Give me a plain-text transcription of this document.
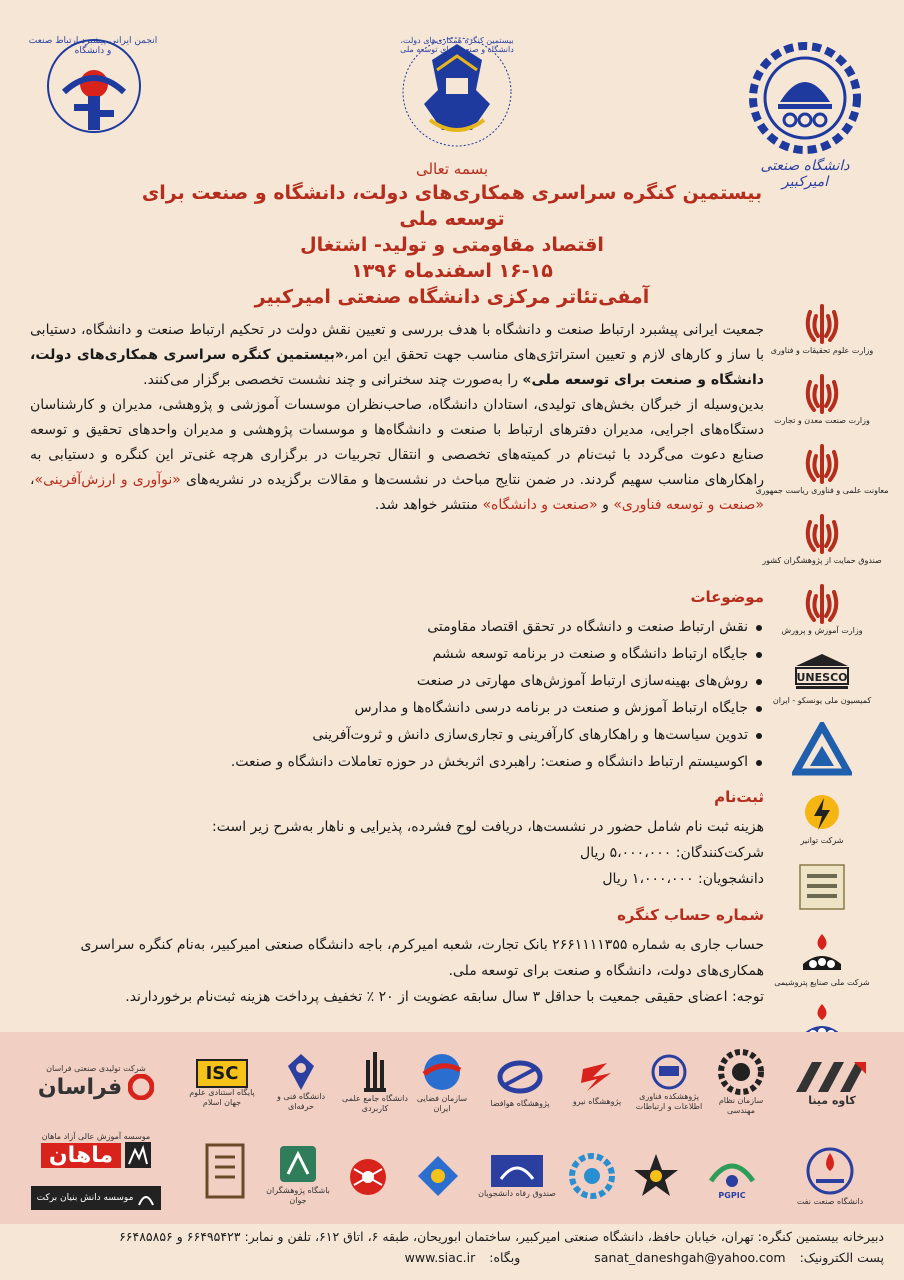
انجمن ایرانی پیشبرد ارتباط صنعت و دانشگاه
بیستمین کنگره همکاری‌های دولت، دانشگاه و صنعت برای توسعه ملی
دانشگاه صنعتی امیرکبیر
بسمه تعالی
بیستمین کنگره سراسری همکاری‌های دولت، دانشگاه و صنعت برای توسعه ملی
اقتصاد مقاومتی و تولید- اشتغال
۱۶-۱۵ اسفندماه ۱۳۹۶
آمفی‌تئاتر مرکزی دانشگاه صنعتی امیرکبیر
وزارت علوم تحقیقات و فناوری
وزارت صنعت معدن و تجارت
معاونت علمی و فناوری ریاست جمهوری
صندوق حمایت از پژوهشگران کشور
وزارت آموزش و پرورش
UNESCO
کمیسیون ملی یونسکو - ایران
شرکت توانیر
شرکت ملی صنایع پتروشیمی

جمعیت ایرانی پیشبرد ارتباط صنعت و دانشگاه با هدف بررسی و تعیین نقش دولت در تحکیم ارتباط صنعت و دانشگاه، دستیابی با ساز و کارهای لازم و تعیین استراتژی‌های مناسب جهت تحقق این امر،«بیستمین کنگره سراسری همکاری‌های دولت، دانشگاه و صنعت برای توسعه ملی» را به‌صورت چند سخنرانی و چند نشست تخصصی برگزار می‌کنند.

بدین‌وسیله از خبرگان بخش‌های تولیدی، استادان دانشگاه، صاحب‌نظران موسسات آموزشی و پژوهشی، مدیران و کارشناسان دستگاه‌های اجرایی، مدیران دفترهای ارتباط با صنعت و دانشگاه‌ها و موسسات پژوهشی و مدیران واحدهای تحقیق و توسعه صنایع دعوت می‌گردد با ثبت‌نام در کمیته‌های تخصصی و انتقال تجربیات در برگزاری هرچه غنی‌تر این کنگره و دستیابی به راهکارهای مناسب سهیم گردند. در ضمن نتایج مباحث در نشست‌ها و مقالات برگزیده در نشریه‌های «نوآوری و ارزش‌آفرینی»، «صنعت و توسعه فناوری» و «صنعت و دانشگاه» منتشر خواهد شد.

موضوعات
نقش ارتباط صنعت و دانشگاه در تحقق اقتصاد مقاومتی
جایگاه ارتباط دانشگاه و صنعت در برنامه توسعه ششم
روش‌های بهینه‌سازی ارتباط آموزش‌های مهارتی در صنعت
جایگاه ارتباط آموزش و صنعت در برنامه درسی دانشگاه‌ها و مدارس
تدوین سیاست‌ها و راهکارهای کارآفرینی و تجاری‌سازی دانش و ثروت‌آفرینی
اکوسیستم ارتباط دانشگاه و صنعت: راهبردی اثربخش در حوزه تعاملات دانشگاه و صنعت.
ثبت‌نام
هزینه ثبت نام شامل حضور در نشست‌ها، دریافت لوح فشرده، پذیرایی و ناهار به‌شرح زیر است:
شرکت‌کنندگان: ۵،۰۰۰،۰۰۰ ریال
دانشجویان: ۱،۰۰۰،۰۰۰ ریال
شماره حساب کنگره
حساب جاری به شماره ۲۶۶۱۱۱۱۳۵۵ بانک تجارت، شعبه امیرکرم، باجه دانشگاه صنعتی امیرکبیر، به‌نام کنگره سراسری همکاری‌های دولت، دانشگاه و صنعت برای توسعه ملی.
توجه: اعضای حقیقی جمعیت با حداقل ۳ سال سابقه عضویت از ۲۰ ٪ تخفیف پرداخت هزینه ثبت‌نام برخوردارند.
شرکت تولیدی صنعتی فراسان
فراسان
ISC
پایگاه استنادی علوم جهان اسلام
دانشگاه فنی و حرفه‌ای
دانشگاه جامع علمی کاربردی
سازمان فضایی ایران
پژوهشگاه هوافضا	پژوهشگاه نیرو
پژوهشکده فناوری اطلاعات و ارتباطات
سازمان نظام مهندسی
کاوه مینا
موسسه آموزش عالی آزاد ماهان
ماهان
موسسه دانش بنیان برکت
باشگاه پژوهشگران جوان
صندوق رفاه دانشجویان	PGPIC
دانشگاه صنعت نفت
دبیرخانه بیستمین کنگره: تهران، خیابان حافظ، دانشگاه صنعتی امیرکبیر، ساختمان ابوریحان، طبقه ۶، اتاق ۶۱۲، تلفن و نمابر: ۶۶۴۹۵۴۲۳ و ۶۶۴۸۵۸۵۶
پست الکترونیک:
sanat_daneshgah@yahoo.com
وبگاه:
www.siac.ir
